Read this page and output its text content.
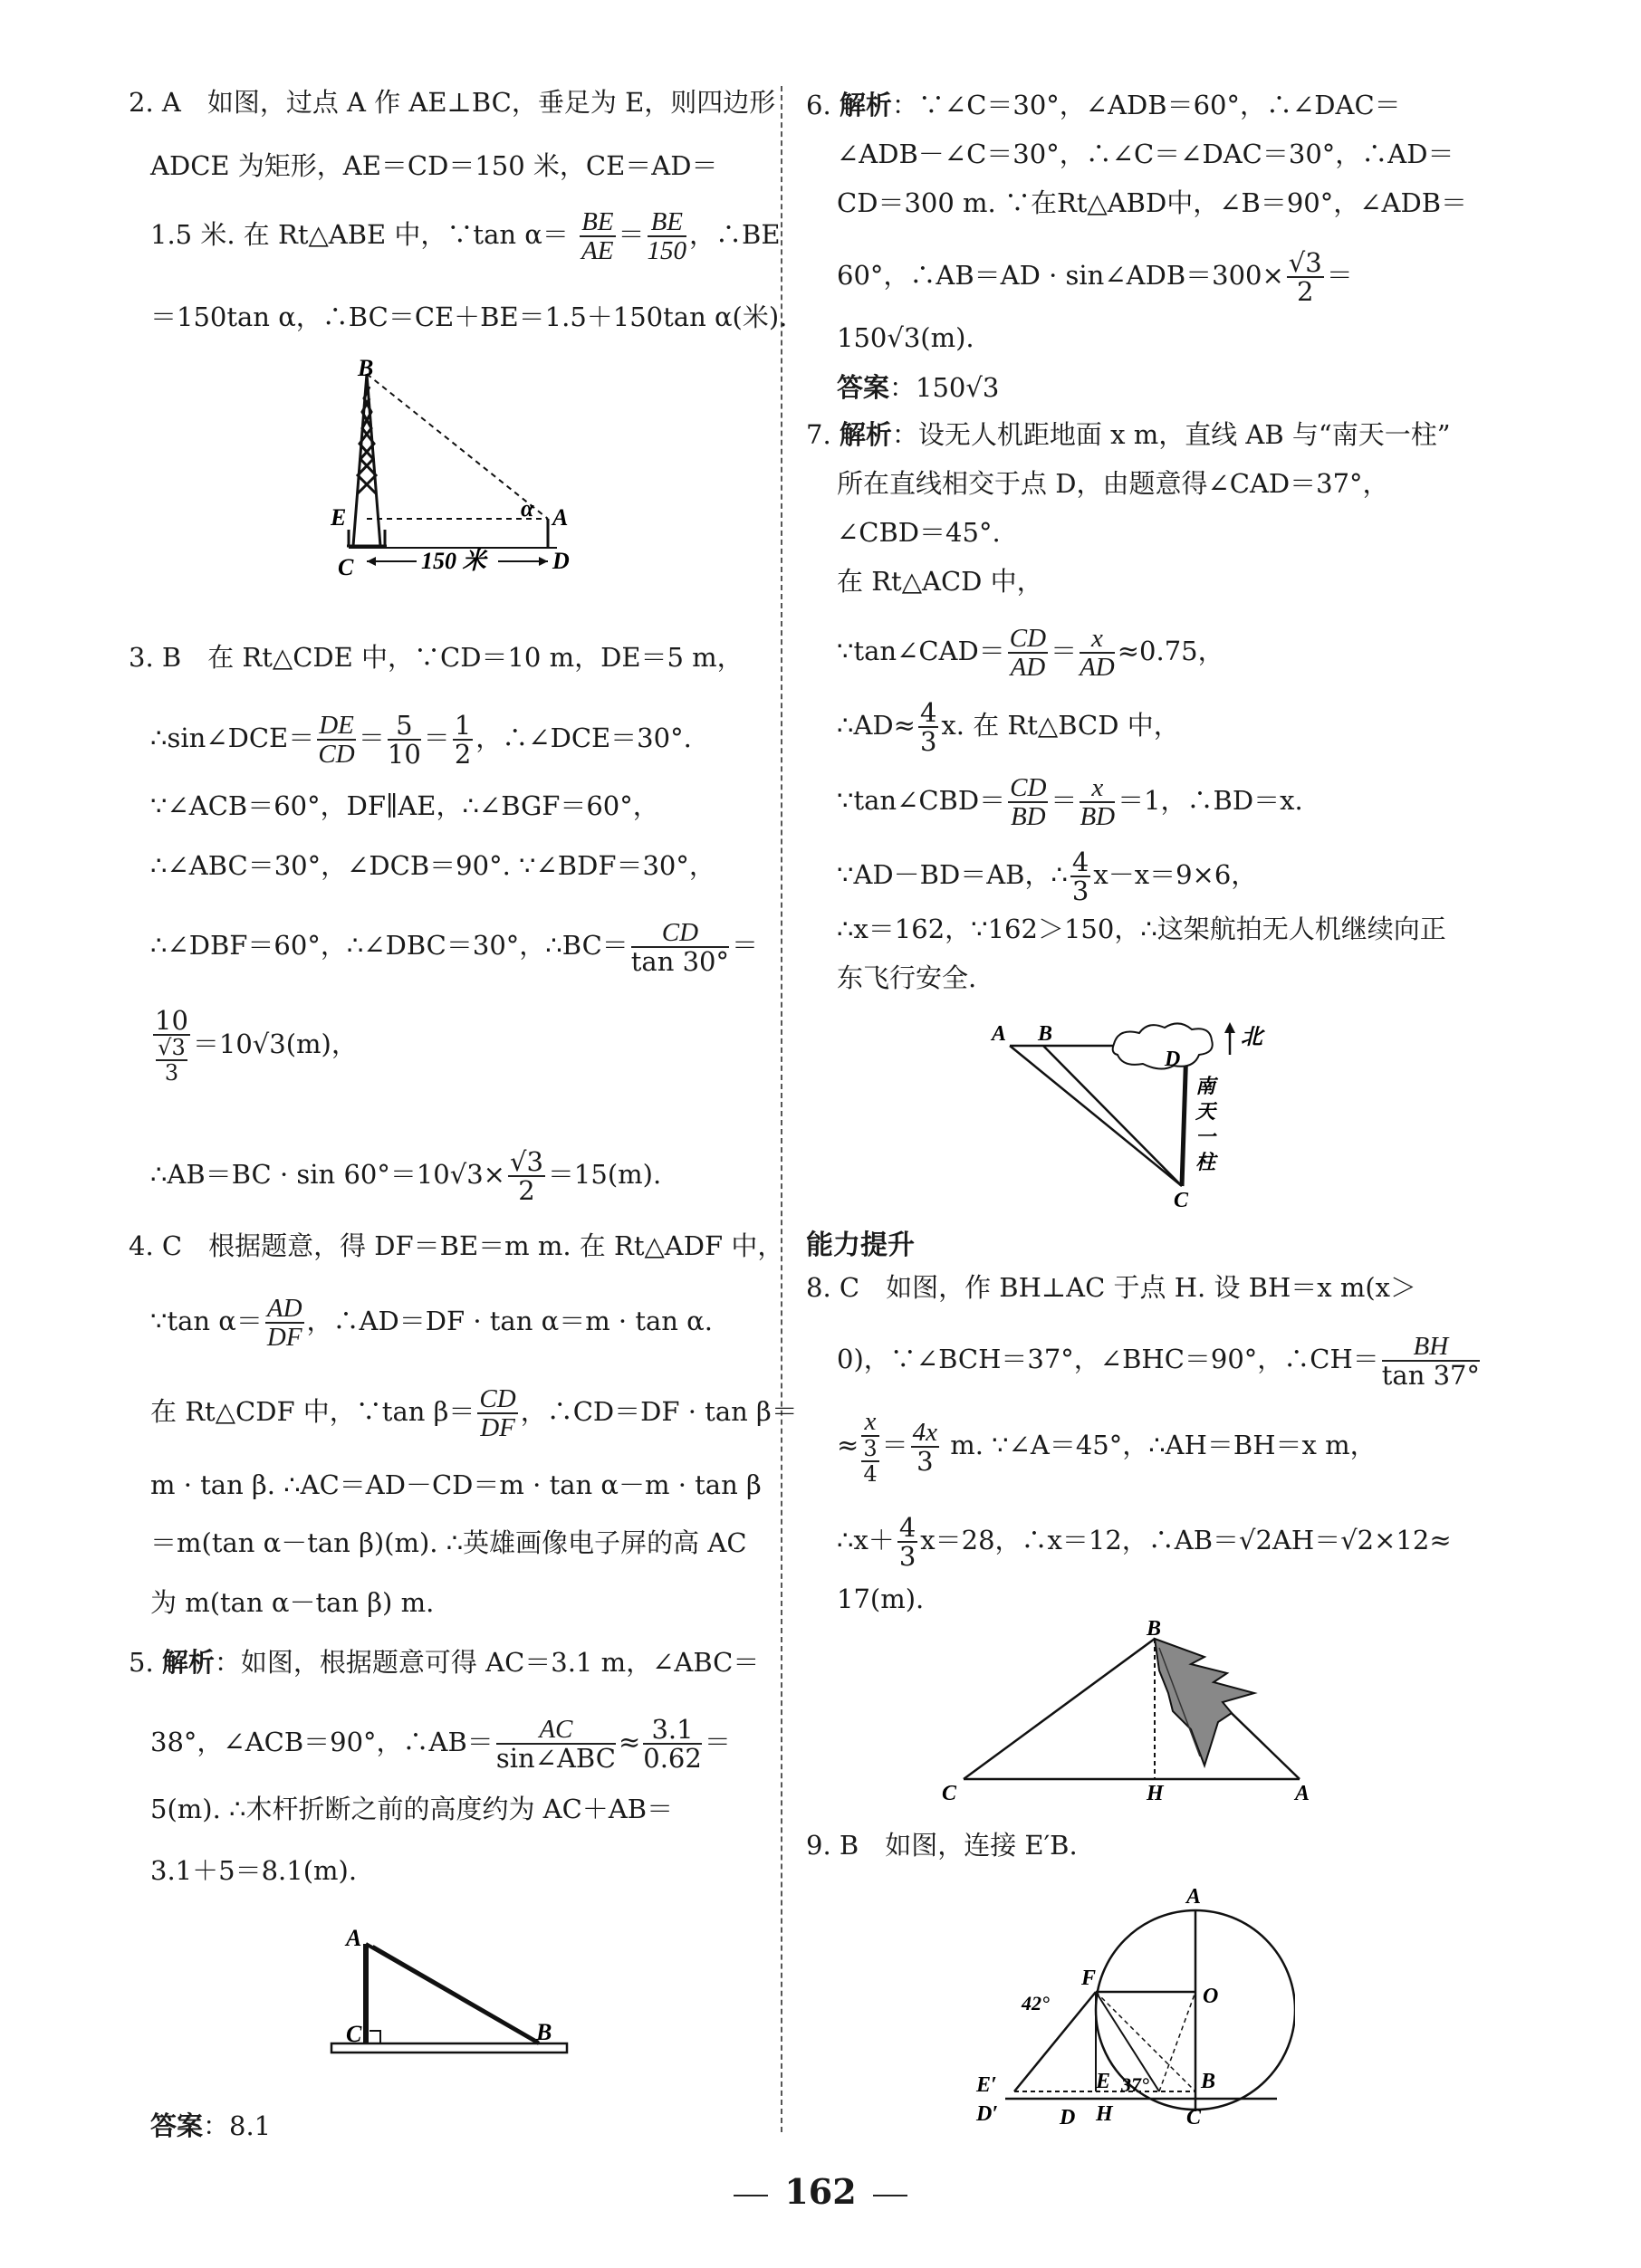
2. A　如图，过点 A 作 AE⊥BC，垂足为 E，则四边形
ADCE 为矩形，AE＝CD＝150 米，CE＝AD＝
1.5 米. 在 Rt△ABE 中，∵tan $\alpha= \frac{BE}{AE} = \frac{BE}{150}$ ，∴BE
＝150tan α，∴BC＝CE＋BE＝1.5＋150tan α(米).
B
E
C
A
D
α
150 米
3. B　在 Rt△CDE 中，∵CD＝10 m，DE＝5 m，
∴sin∠DCE＝ $\frac{DE}{CD} = \frac{5}{10} = \frac{1}{2}$ ，∴∠DCE＝30°.
∵∠ACB＝60°，DF∥AE，∴∠BGF＝60°，
∴∠ABC＝30°，∠DCB＝90°. ∵∠BDF＝30°，
∴∠DBF＝60°，∴∠DBC＝30°，∴BC＝ $\frac{CD}{\tan 30^\circ}$ ＝
$\frac{10}{\frac{√3}{3}} =10√3(m)$，
∴AB＝BC · $\sin 60^\circ=10√3\times \frac{√3}{2} =15(m)$.
4. C　根据题意，得 DF＝BE＝m m. 在 Rt△ADF 中，
∵tan $\alpha= \frac{AD}{DF}$ ，∴AD＝DF · tan α＝m · tan α.
在 Rt△CDF 中，∵tan $\beta= \frac{CD}{DF}$ ，∴CD＝DF · tan β＝
m · tan β. ∴AC＝AD－CD＝m · tan α－m · tan β
＝m(tan α－tan β)(m). ∴英雄画像电子屏的高 AC
为 m(tan α－tan β) m.
5. 解析：如图，根据题意可得 AC＝3.1 m，∠ABC＝
38°，∠ACB＝90°，∴AB＝ $\frac{AC}{\text{sin∠ABC}} \approx \frac{3.1}{0.62}$ ＝
5(m). ∴木杆折断之前的高度约为 AC＋AB＝
3.1＋5＝8.1(m).
A
C	B
答案：8.1
6. 解析：∵∠C＝30°，∠ADB＝60°，∴∠DAC＝
∠ADB－∠C＝30°，∴∠C＝∠DAC＝30°，∴AD＝
CD＝300 m. ∵在Rt△ABD中，∠B＝90°，∠ADB＝
60°，∴AB＝AD · sin∠ADB＝300× $\frac{√3}{2}$ ＝
150√3(m).
答案：150√3
7. 解析：设无人机距地面 x m，直线 AB 与“南天一柱”
所在直线相交于点 D，由题意得∠CAD＝37°，
∠CBD＝45°.
在 Rt△ACD 中，
∵tan∠CAD＝ $\frac{CD}{AD} = \frac{x}{AD} \approx 0.75$，
∴AD≈ $\frac{4}{3} x$. 在 Rt△BCD 中，
∵tan∠CBD＝ $\frac{CD}{BD} = \frac{x}{BD} =1$，∴BD＝x.
∵AD－BD＝AB，∴ $\frac{4}{3} x-x=9\times 6$，
∴x＝162，∵162＞150，∴这架航拍无人机继续向正
东飞行安全.
A B
D
C
北
南
天
一
柱
能力提升
8. C　如图，作 BH⊥AC 于点 H. 设 BH＝x m(x＞
0)，∵∠BCH＝37°，∠BHC＝90°，∴CH＝ $\frac{BH}{\tan 37^\circ}$
≈ $\frac{x}{\frac{3}{4}} = \frac{4x}{3} m$. ∵∠A＝45°，∴AH＝BH＝x m，
∴x＋ $\frac{4}{3} x=28$，∴x＝12，∴AB＝√2AH＝√2×12≈
17(m).
B
C	H	A
9. B　如图，连接 E′B.
A
F
O
42°
E′	E 37° B
D′	D H	C
162
